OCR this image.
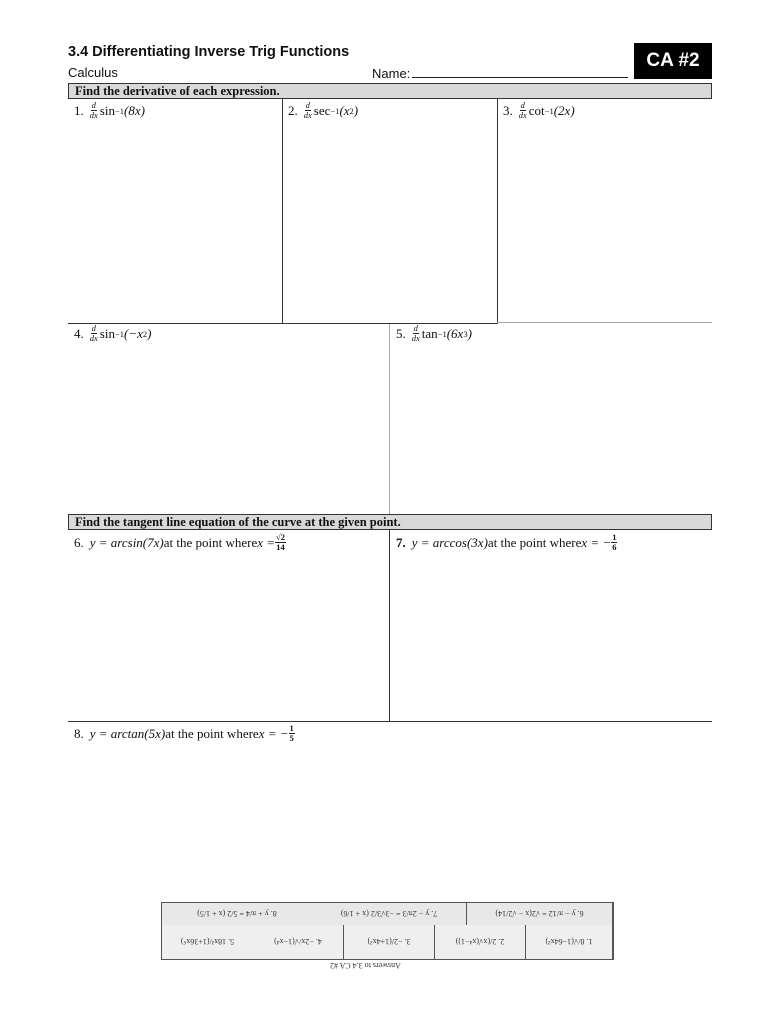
3.4 Differentiating Inverse Trig Functions
Calculus	Name:
CA #2
Find the derivative of each expression.
1. $\frac{d}{dx}$ sin −1 (8x)	2. $\frac{d}{dx}$ sec −1 (x 2 )	3. $\frac{d}{dx}$ cot −1 (2x)
4. $\frac{d}{dx}$ sin −1 (−x 2 )	5. $\frac{d}{dx}$ tan −1 (6x 3 )
Find the tangent line equation of the curve at the given point.
6. y = arcsin(7x) at the point where $x = \frac{√2}{14}$	7. y = arccos(3x) at the point where x = − $\frac{1}{6}$
8. y = arctan(5x) at the point where x = − $\frac{1}{5}$
8. y + π/4 = 5/2 (x + 1/5)	7. y − 2π/3 = −3√3/2 (x + 1/6)	6. y − π/12 = √2(x − √2/14)
5. 18x²/(1+36x⁶)	4. −2x/√(1−x⁴)	3. −2/(1+4x²)	2. 2/(x√(x⁴−1))	1. 8/√(1−64x²)
Answers to 3.4 CA #2
